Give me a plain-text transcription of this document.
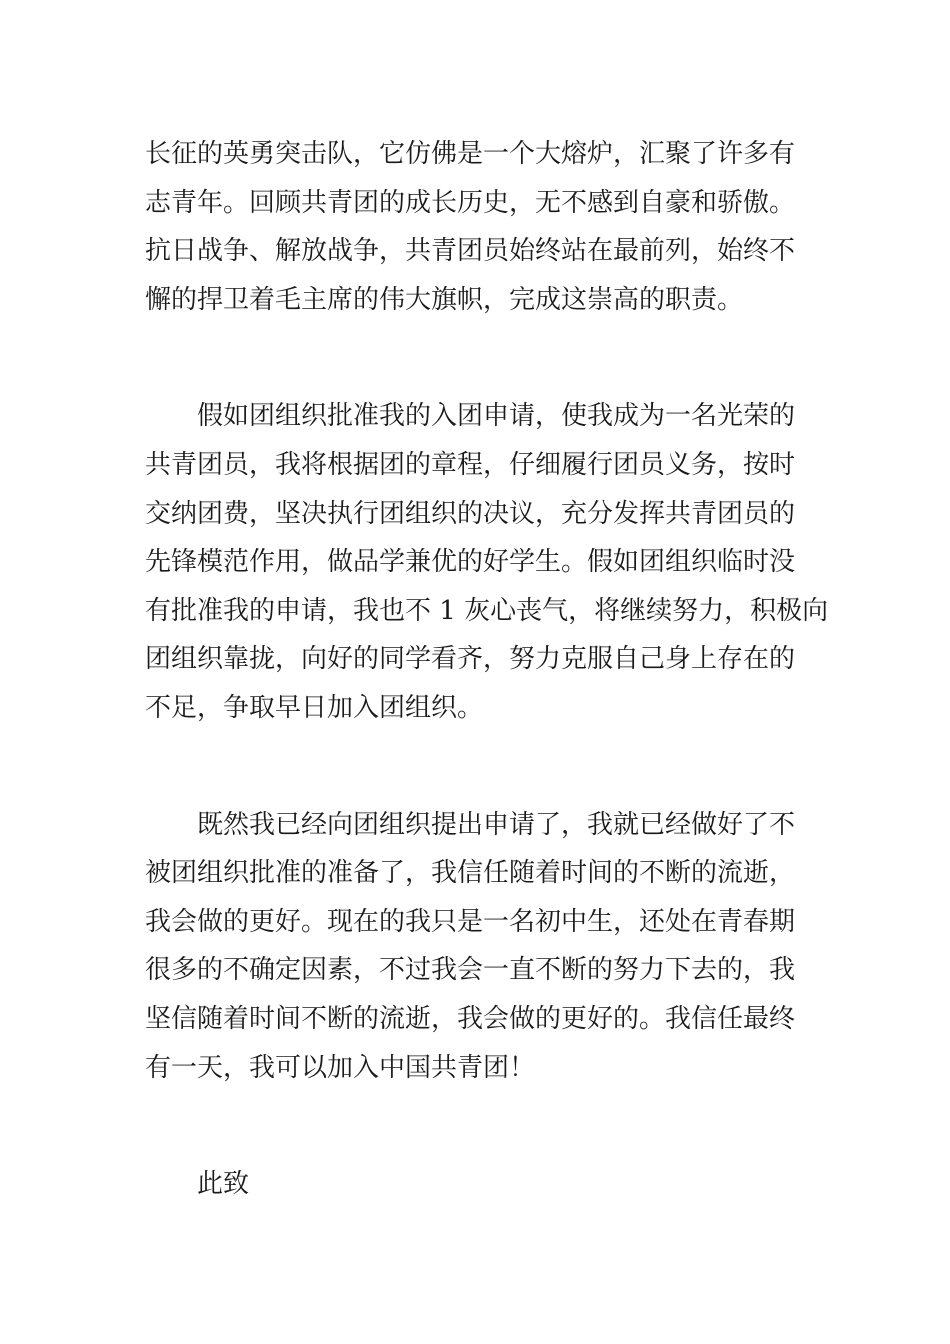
长征的英勇突击队，它仿佛是一个大熔炉，汇聚了许多有
志青年。回顾共青团的成长历史，无不感到自豪和骄傲。
抗日战争、解放战争，共青团员始终站在最前列，始终不
懈的捍卫着毛主席的伟大旗帜，完成这崇高的职责。

假如团组织批准我的入团申请，使我成为一名光荣的
共青团员，我将根据团的章程，仔细履行团员义务，按时
交纳团费，坚决执行团组织的决议，充分发挥共青团员的
先锋模范作用，做品学兼优的好学生。假如团组织临时没
有批准我的申请，我也不 1 灰心丧气，将继续努力，积极向
团组织靠拢，向好的同学看齐，努力克服自己身上存在的
不足，争取早日加入团组织。

既然我已经向团组织提出申请了，我就已经做好了不
被团组织批准的准备了，我信任随着时间的不断的流逝，
我会做的更好。现在的我只是一名初中生，还处在青春期
很多的不确定因素，不过我会一直不断的努力下去的，我
坚信随着时间不断的流逝，我会做的更好的。我信任最终
有一天，我可以加入中国共青团！

此致
